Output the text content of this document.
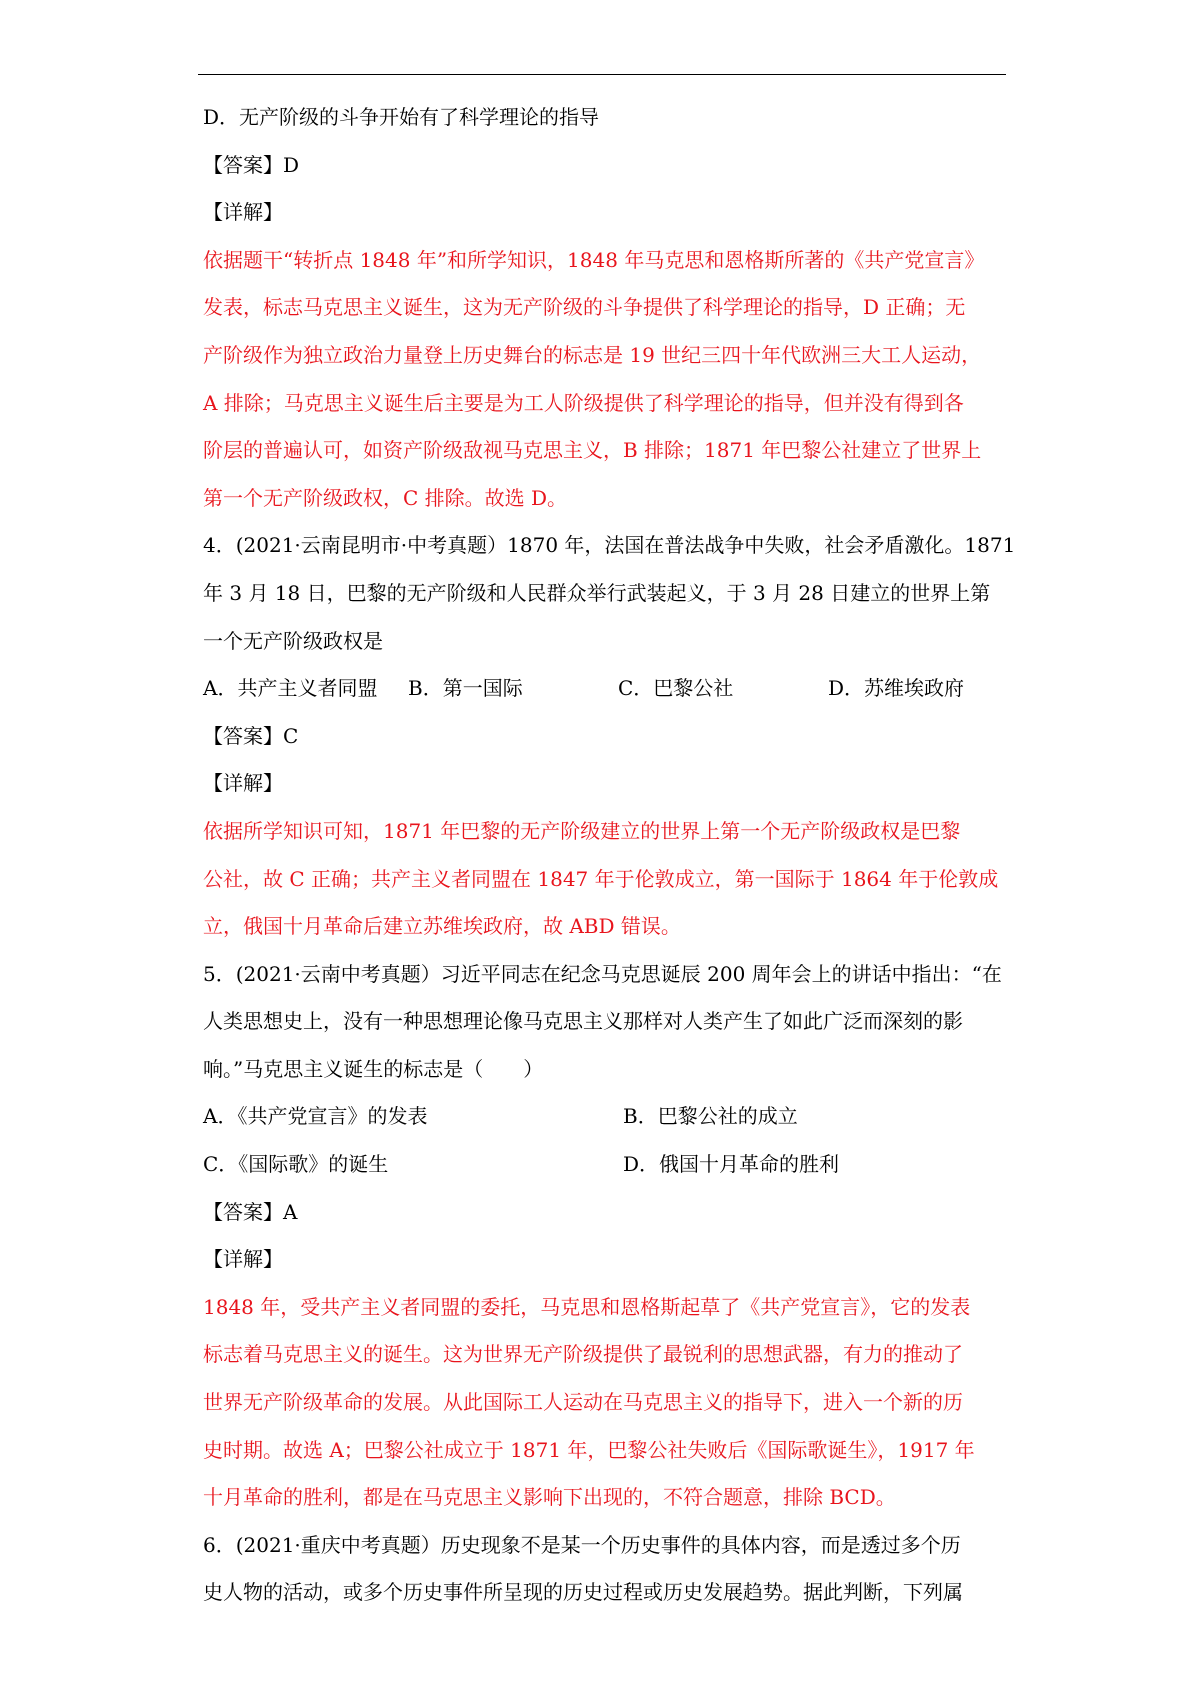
D．无产阶级的斗争开始有了科学理论的指导
【答案】D
【详解】
依据题干“转折点 1848 年”和所学知识，1848 年马克思和恩格斯所著的《共产党宣言》
发表，标志马克思主义诞生，这为无产阶级的斗争提供了科学理论的指导，D 正确；无
产阶级作为独立政治力量登上历史舞台的标志是 19 世纪三四十年代欧洲三大工人运动，
A 排除；马克思主义诞生后主要是为工人阶级提供了科学理论的指导，但并没有得到各
阶层的普遍认可，如资产阶级敌视马克思主义，B 排除；1871 年巴黎公社建立了世界上
第一个无产阶级政权，C 排除。故选 D。
4．(2021·云南昆明市·中考真题）1870 年，法国在普法战争中失败，社会矛盾激化。1871
年 3 月 18 日，巴黎的无产阶级和人民群众举行武装起义，于 3 月 28 日建立的世界上第
一个无产阶级政权是
A．共产主义者同盟	B．第一国际	C．巴黎公社	D．苏维埃政府
【答案】C
【详解】
依据所学知识可知，1871 年巴黎的无产阶级建立的世界上第一个无产阶级政权是巴黎
公社，故 C 正确；共产主义者同盟在 1847 年于伦敦成立，第一国际于 1864 年于伦敦成
立，俄国十月革命后建立苏维埃政府，故 ABD 错误。
5．(2021·云南中考真题）习近平同志在纪念马克思诞辰 200 周年会上的讲话中指出：“在
人类思想史上，没有一种思想理论像马克思主义那样对人类产生了如此广泛而深刻的影
响。”马克思主义诞生的标志是（　　）
A．《共产党宣言》的发表	B．巴黎公社的成立
C．《国际歌》的诞生	D．俄国十月革命的胜利
【答案】A
【详解】
1848 年，受共产主义者同盟的委托，马克思和恩格斯起草了《共产党宣言》，它的发表
标志着马克思主义的诞生。这为世界无产阶级提供了最锐利的思想武器，有力的推动了
世界无产阶级革命的发展。从此国际工人运动在马克思主义的指导下，进入一个新的历
史时期。故选 A；巴黎公社成立于 1871 年，巴黎公社失败后《国际歌诞生》，1917 年
十月革命的胜利，都是在马克思主义影响下出现的，不符合题意，排除 BCD。
6．(2021·重庆中考真题）历史现象不是某一个历史事件的具体内容，而是透过多个历
史人物的活动，或多个历史事件所呈现的历史过程或历史发展趋势。据此判断，下列属
